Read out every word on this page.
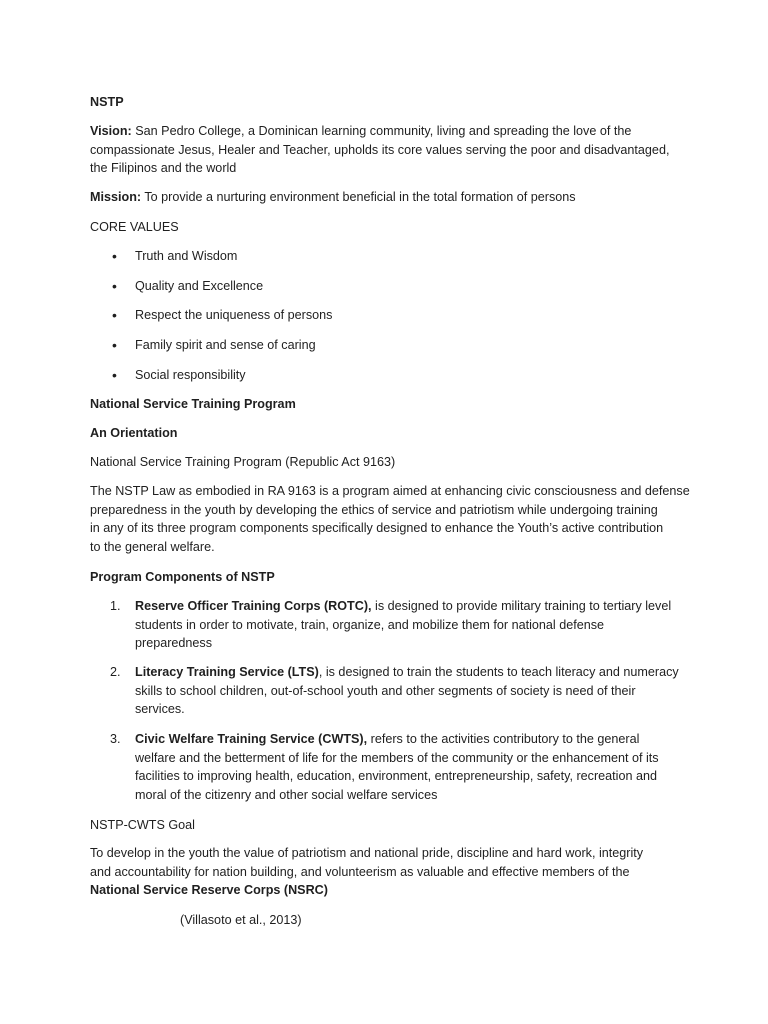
NSTP
Vision: San Pedro College, a Dominican learning community, living and spreading the love of the
compassionate Jesus, Healer and Teacher, upholds its core values serving the poor and disadvantaged,
the Filipinos and the world
Mission: To provide a nurturing environment beneficial in the total formation of persons
CORE VALUES
• Truth and Wisdom
• Quality and Excellence
• Respect the uniqueness of persons
• Family spirit and sense of caring
• Social responsibility
National Service Training Program
An Orientation
National Service Training Program (Republic Act 9163)
The NSTP Law as embodied in RA 9163 is a program aimed at enhancing civic consciousness and defense
preparedness in the youth by developing the ethics of service and patriotism while undergoing training
in any of its three program components specifically designed to enhance the Youth’s active contribution
to the general welfare.
Program Components of NSTP
1. Reserve Officer Training Corps (ROTC), is designed to provide military training to tertiary level
students in order to motivate, train, organize, and mobilize them for national defense
preparedness
2. Literacy Training Service (LTS), is designed to train the students to teach literacy and numeracy
skills to school children, out-of-school youth and other segments of society is need of their
services.
3. Civic Welfare Training Service (CWTS), refers to the activities contributory to the general
welfare and the betterment of life for the members of the community or the enhancement of its
facilities to improving health, education, environment, entrepreneurship, safety, recreation and
moral of the citizenry and other social welfare services
NSTP-CWTS Goal
To develop in the youth the value of patriotism and national pride, discipline and hard work, integrity
and accountability for nation building, and volunteerism as valuable and effective members of the
National Service Reserve Corps (NSRC)
(Villasoto et al., 2013)
